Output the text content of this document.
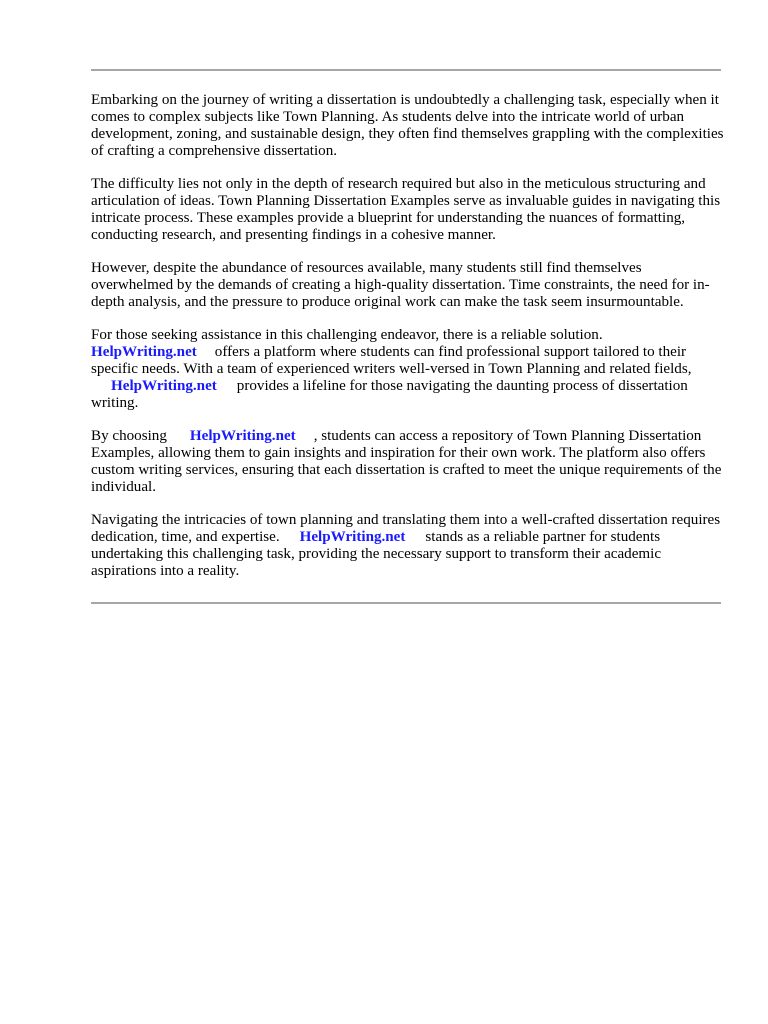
Embarking on the journey of writing a dissertation is undoubtedly a challenging task, especially when it comes to complex subjects like Town Planning. As students delve into the intricate world of urban development, zoning, and sustainable design, they often find themselves grappling with the complexities of crafting a comprehensive dissertation.

The difficulty lies not only in the depth of research required but also in the meticulous structuring and articulation of ideas. Town Planning Dissertation Examples serve as invaluable guides in navigating this intricate process. These examples provide a blueprint for understanding the nuances of formatting, conducting research, and presenting findings in a cohesive manner.

However, despite the abundance of resources available, many students still find themselves overwhelmed by the demands of creating a high-quality dissertation. Time constraints, the need for in-depth analysis, and the pressure to produce original work can make the task seem insurmountable.

For those seeking assistance in this challenging endeavor, there is a reliable solution.
HelpWriting.net offers a platform where students can find professional support tailored to their specific needs. With a team of experienced writers well-versed in Town Planning and related fields,
HelpWriting.net provides a lifeline for those navigating the daunting process of dissertation writing.

By choosing HelpWriting.net , students can access a repository of Town Planning Dissertation Examples, allowing them to gain insights and inspiration for their own work. The platform also offers custom writing services, ensuring that each dissertation is crafted to meet the unique requirements of the individual.

Navigating the intricacies of town planning and translating them into a well-crafted dissertation requires dedication, time, and expertise. HelpWriting.net stands as a reliable partner for students undertaking this challenging task, providing the necessary support to transform their academic aspirations into a reality.
